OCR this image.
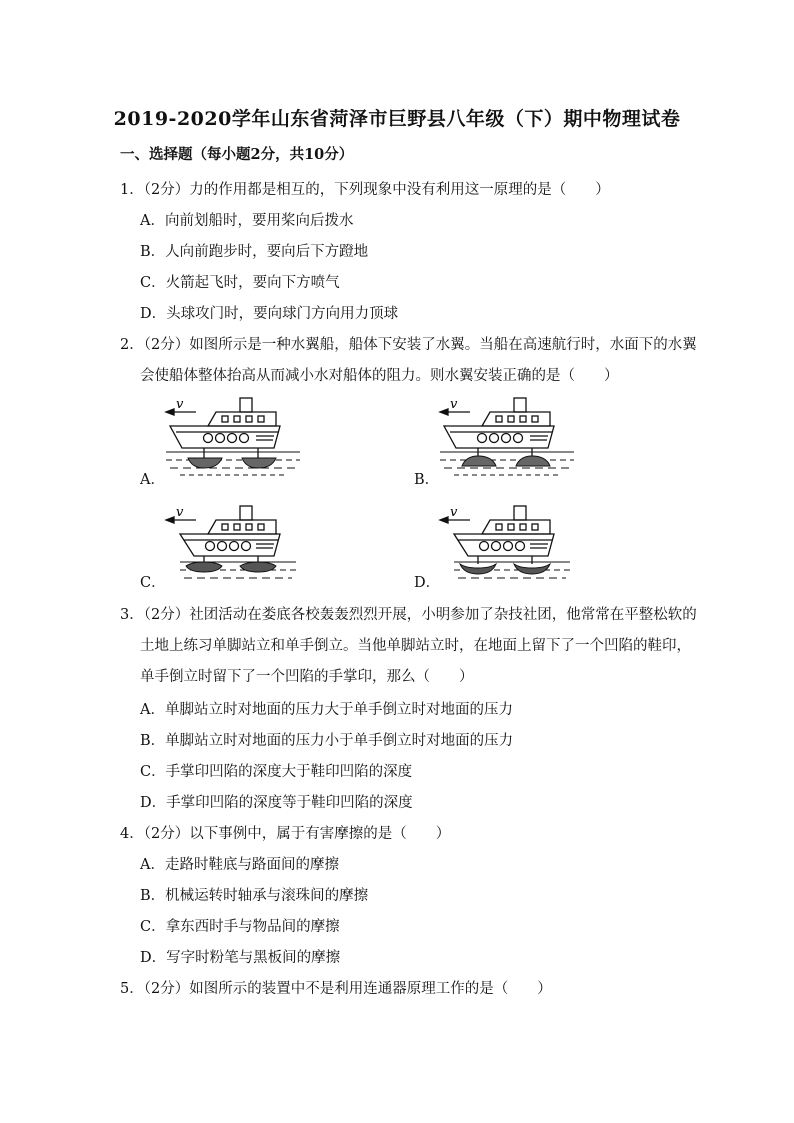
2019-2020学年山东省菏泽市巨野县八年级（下）期中物理试卷
一、选择题（每小题2分，共10分）
1．（2分）力的作用都是相互的，下列现象中没有利用这一原理的是（　　）
A．向前划船时，要用桨向后拨水
B．人向前跑步时，要向后下方蹬地
C．火箭起飞时，要向下方喷气
D．头球攻门时，要向球门方向用力顶球
2．（2分）如图所示是一种水翼船，船体下安装了水翼。当船在高速航行时，水面下的水翼
会使船体整体抬高从而减小水对船体的阻力。则水翼安装正确的是（　　）
v
A．
v
B．
v
C．
v
D．
3．（2分）社团活动在娄底各校轰轰烈烈开展，小明参加了杂技社团，他常常在平整松软的
土地上练习单脚站立和单手倒立。当他单脚站立时，在地面上留下了一个凹陷的鞋印，
单手倒立时留下了一个凹陷的手掌印，那么（　　）
A．单脚站立时对地面的压力大于单手倒立时对地面的压力
B．单脚站立时对地面的压力小于单手倒立时对地面的压力
C．手掌印凹陷的深度大于鞋印凹陷的深度
D．手掌印凹陷的深度等于鞋印凹陷的深度
4．（2分）以下事例中，属于有害摩擦的是（　　）
A．走路时鞋底与路面间的摩擦
B．机械运转时轴承与滚珠间的摩擦
C．拿东西时手与物品间的摩擦
D．写字时粉笔与黑板间的摩擦
5．（2分）如图所示的装置中不是利用连通器原理工作的是（　　）
